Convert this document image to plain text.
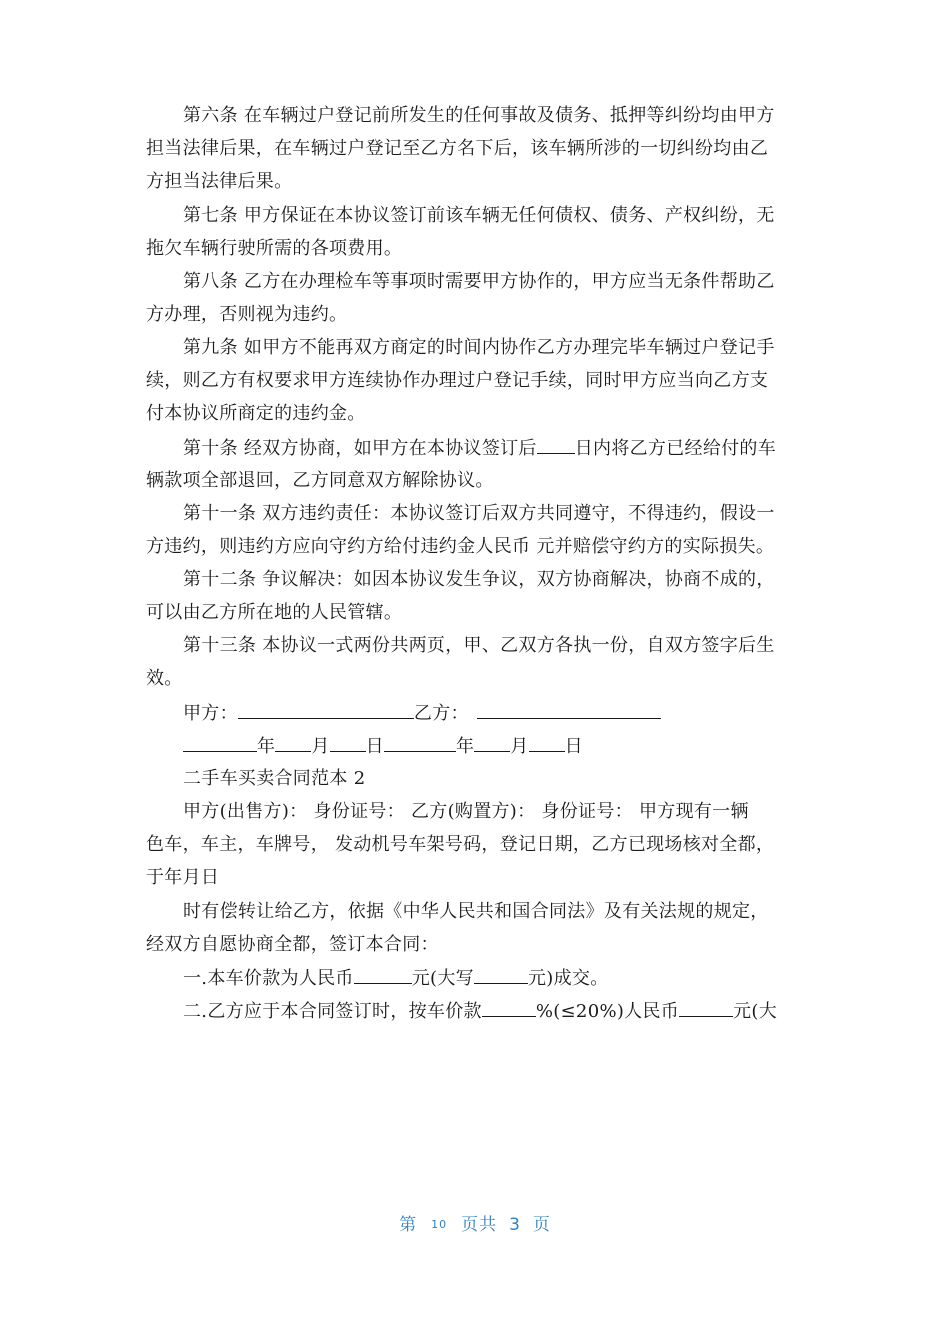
第六条 在车辆过户登记前所发生的任何事故及债务、抵押等纠纷均由甲方
担当法律后果，在车辆过户登记至乙方名下后，该车辆所涉的一切纠纷均由乙
方担当法律后果。
第七条 甲方保证在本协议签订前该车辆无任何债权、债务、产权纠纷，无
拖欠车辆行驶所需的各项费用。
第八条 乙方在办理检车等事项时需要甲方协作的，甲方应当无条件帮助乙
方办理，否则视为违约。
第九条 如甲方不能再双方商定的时间内协作乙方办理完毕车辆过户登记手
续，则乙方有权要求甲方连续协作办理过户登记手续，同时甲方应当向乙方支
付本协议所商定的违约金。
第十条 经双方协商，如甲方在本协议签订后 日内将乙方已经给付的车
辆款项全部退回，乙方同意双方解除协议。
第十一条 双方违约责任：本协议签订后双方共同遵守，不得违约，假设一
方违约，则违约方应向守约方给付违约金人民币 元并赔偿守约方的实际损失。
第十二条 争议解决：如因本协议发生争议，双方协商解决，协商不成的，
可以由乙方所在地的人民管辖。
第十三条 本协议一式两份共两页，甲、乙双方各执一份，自双方签字后生
效。
甲方：	乙方：
年 月 日	年 月 日
二手车买卖合同范本 2
甲方(出售方)： 身份证号： 乙方(购置方)： 身份证号： 甲方现有一辆
色车，车主，车牌号， 发动机号车架号码，登记日期，乙方已现场核对全都，
于年月日
时有偿转让给乙方，依据《中华人民共和国合同法》及有关法规的规定，
经双方自愿协商全都，签订本合同：
一.本车价款为人民币	元(大写	元)成交。
二.乙方应于本合同签订时，按车价款	%(≤20%)人民币	元(大
第 10 页共 3 页
